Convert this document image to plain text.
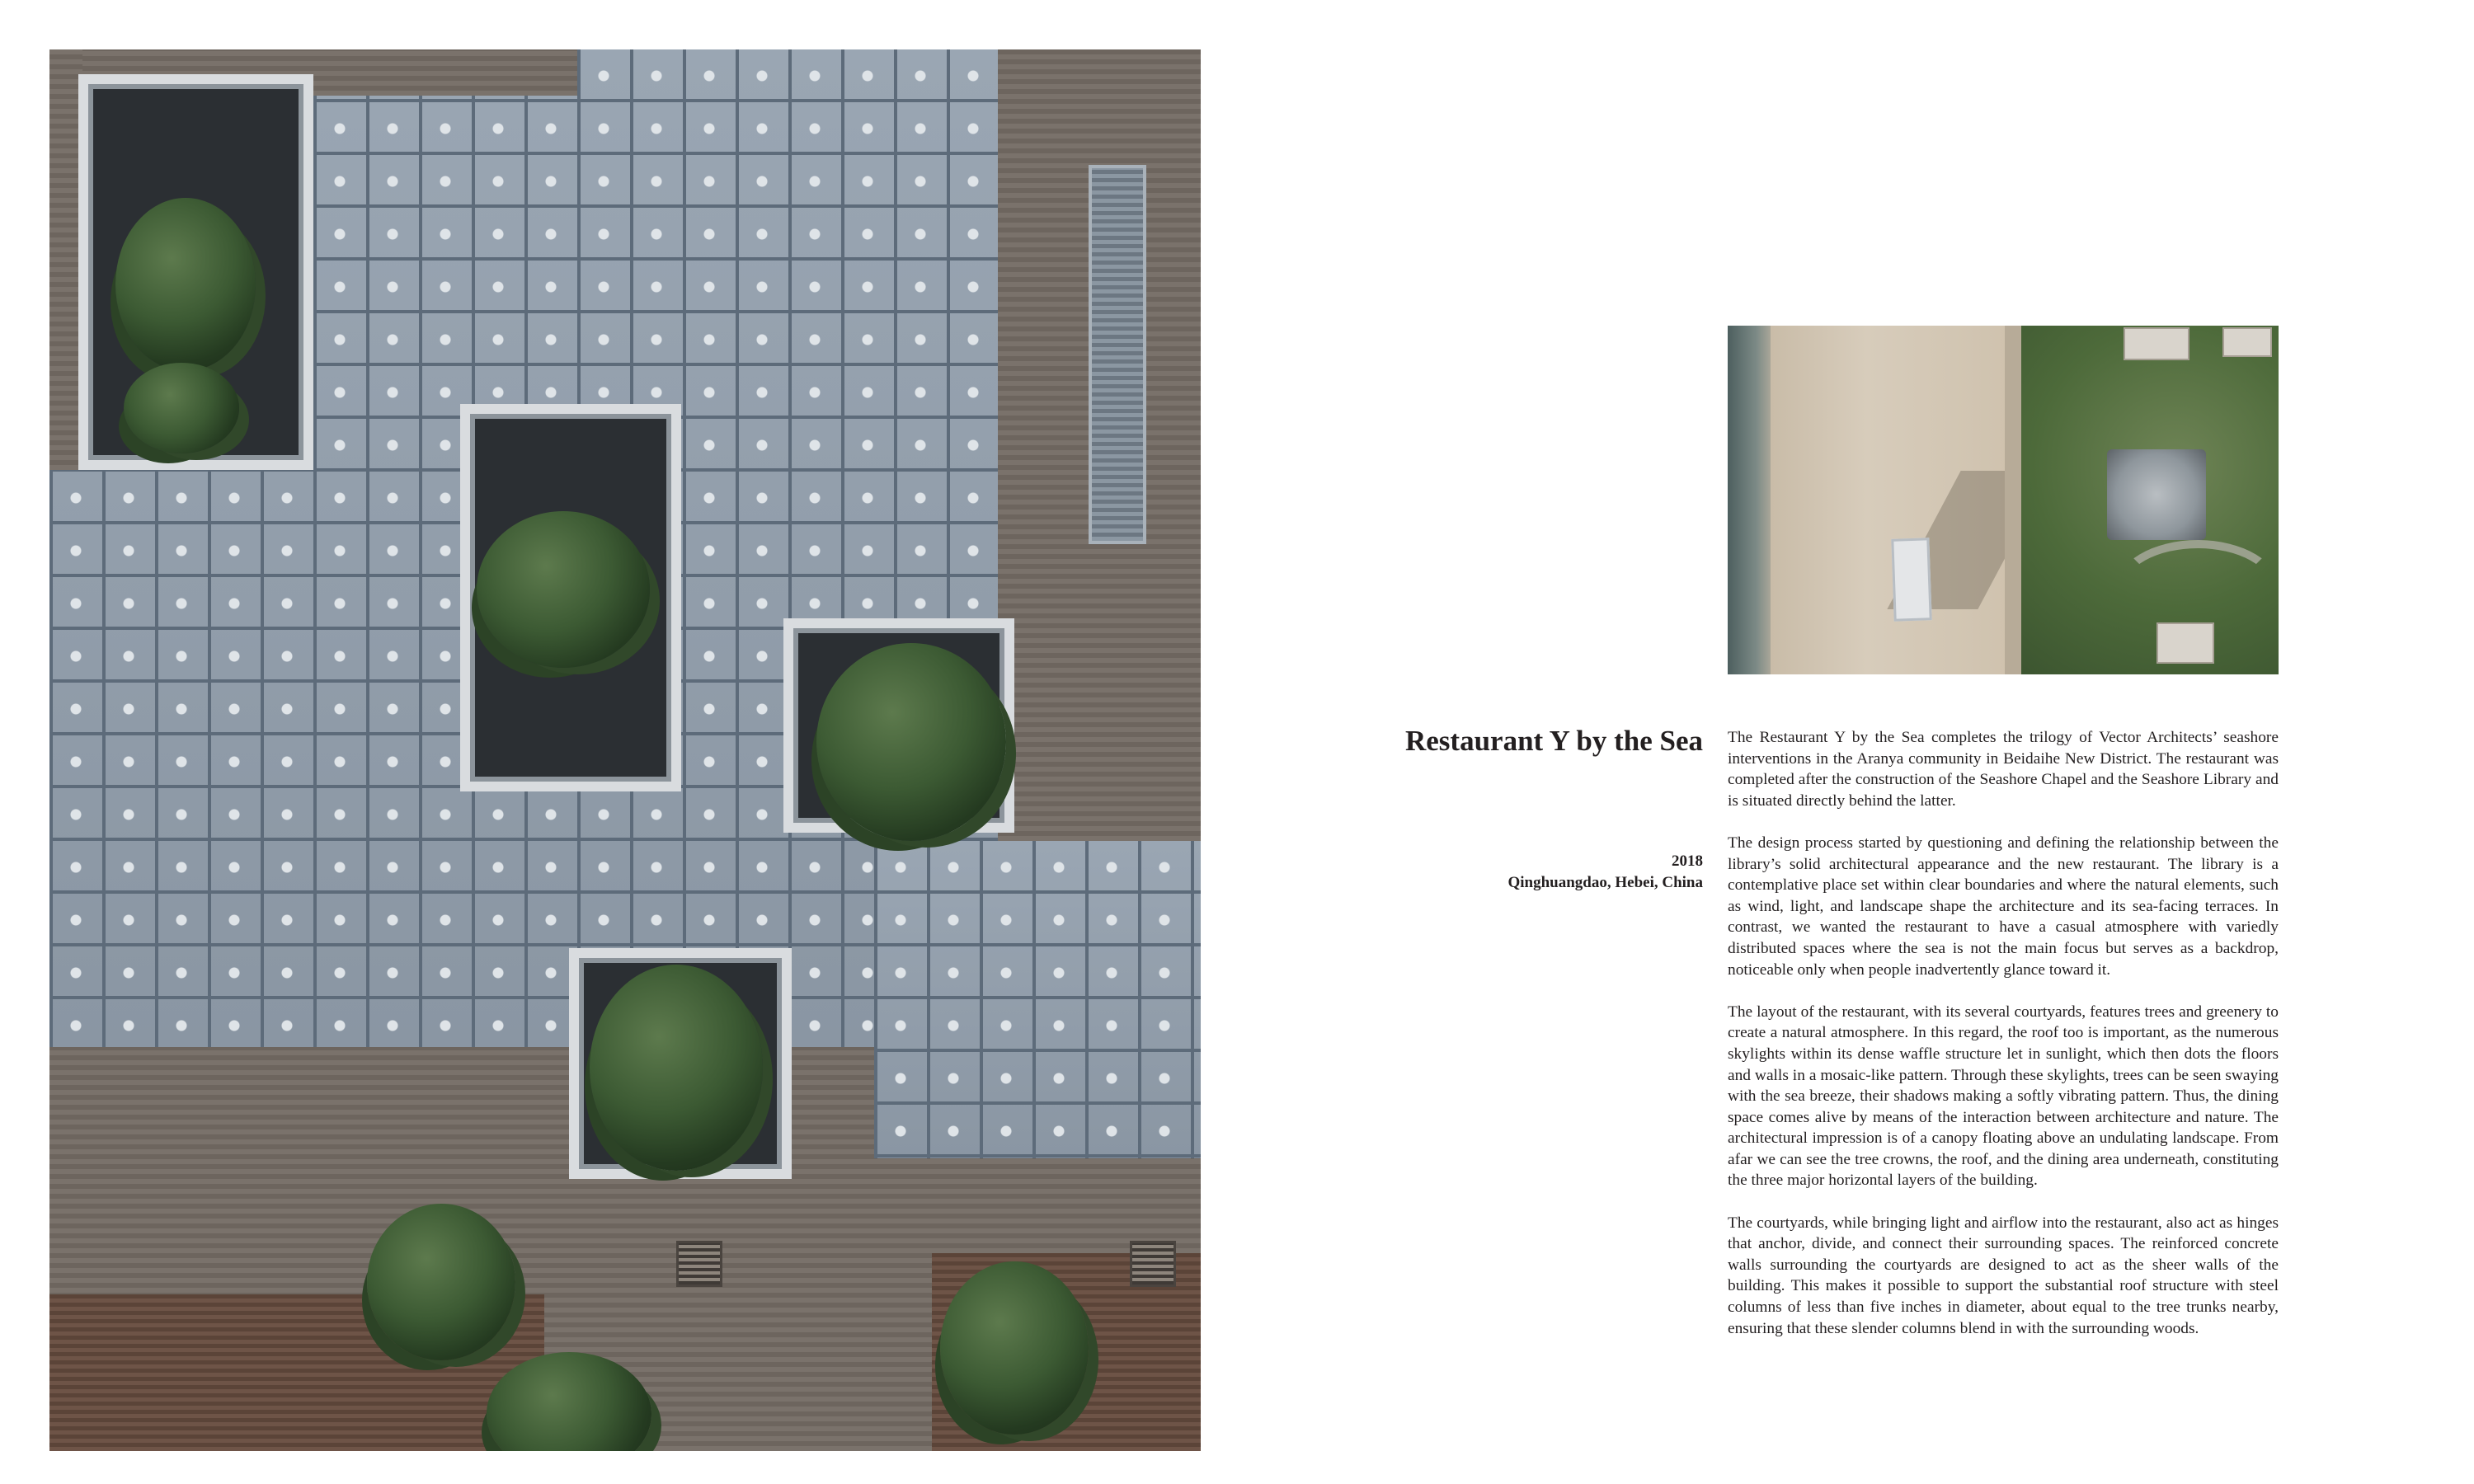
Restaurant Y by the Sea
2018
Qinghuangdao, Hebei, China

The Restaurant Y by the Sea completes the trilogy of Vector Architects’ seashore interventions in the Aranya community in Beidaihe New District. The restaurant was completed after the construction of the Seashore Chapel and the Seashore Library and is situated directly behind the latter.

The design process started by questioning and defining the relationship between the library’s solid architectural appearance and the new restaurant. The library is a contemplative place set within clear boundaries and where the natural elements, such as wind, light, and landscape shape the architecture and its sea-facing terraces. In contrast, we wanted the restaurant to have a casual atmosphere with variedly distributed spaces where the sea is not the main focus but serves as a backdrop, noticeable only when people inadvertently glance toward it.

The layout of the restaurant, with its several courtyards, features trees and greenery to create a natural atmosphere. In this regard, the roof too is important, as the numerous skylights within its dense waffle structure let in sunlight, which then dots the floors and walls in a mosaic-like pattern. Through these skylights, trees can be seen swaying with the sea breeze, their shadows making a softly vibrating pattern. Thus, the dining space comes alive by means of the interaction between architecture and nature. The architectural impression is of a canopy floating above an undulating landscape. From afar we can see the tree crowns, the roof, and the dining area underneath, constituting the three major horizontal layers of the building.

The courtyards, while bringing light and airflow into the restaurant, also act as hinges that anchor, divide, and connect their surrounding spaces. The reinforced concrete walls surrounding the courtyards are designed to act as the sheer walls of the building. This makes it possible to support the substantial roof structure with steel columns of less than five inches in diameter, about equal to the tree trunks nearby, ensuring that these slender columns blend in with the surrounding woods.
